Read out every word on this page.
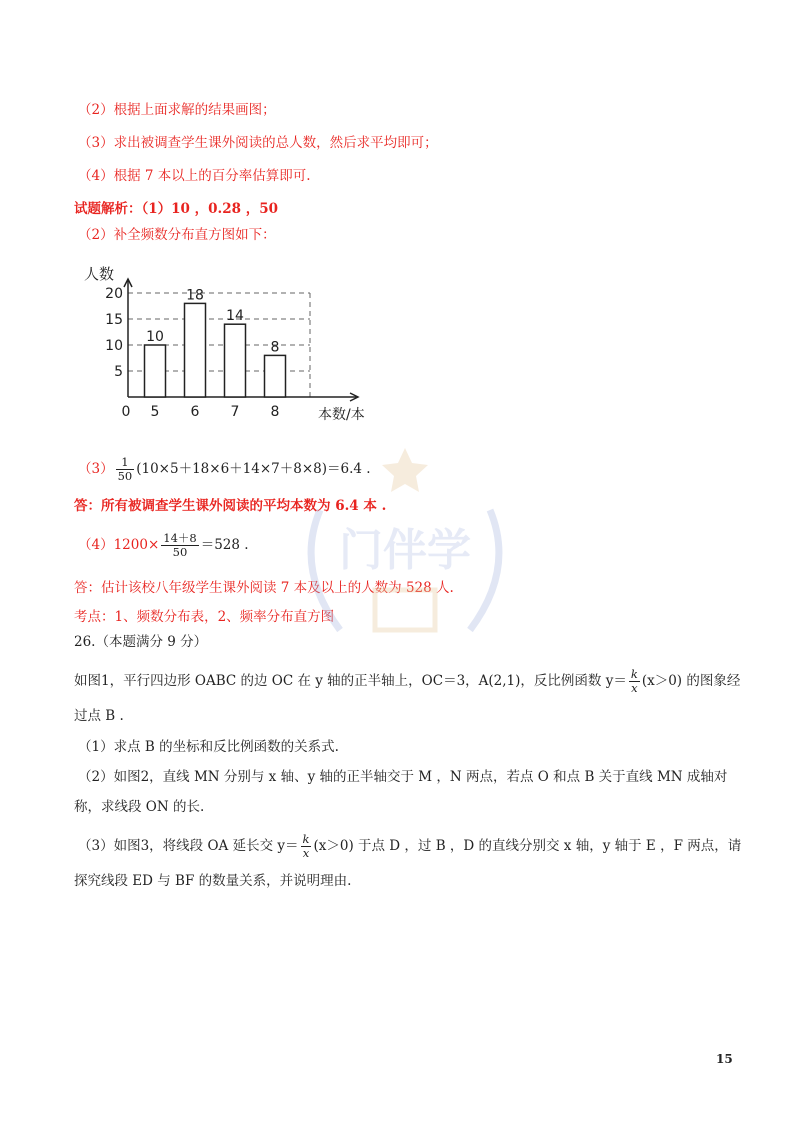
（2）根据上面求解的结果画图；
（3）求出被调查学生课外阅读的总人数，然后求平均即可；
（4）根据 7 本以上的百分率估算即可.
试题解析：（1）10 ，0.28 ，50
（2）补全频数分布直方图如下：
5
10
15
20
10
5
18
6
14
7
8
8
0
人数
本数/本
$(3) \frac{1}{50} (10\times 5+18\times 6+14\times 7+8\times 8)=6.4$ .
答：所有被调查学生课外阅读的平均本数为 6.4 本 .
$(4)1200\times \frac{14+8}{50} =528$ .
答：估计该校八年级学生课外阅读 7 本及以上的人数为 528 人.
考点：1、频数分布表，2、频率分布直方图
26.（本题满分 9 分）
如图1，平行四边形 OABC 的边 OC 在 y 轴的正半轴上，OC＝3，A(2,1)，反比例函数 $y= \frac{k}{x} (x>0)$ 的图象经
过点 B .
（1）求点 B 的坐标和反比例函数的关系式.
（2）如图2，直线 MN 分别与 x 轴、y 轴的正半轴交于 M ，N 两点，若点 O 和点 B 关于直线 MN 成轴对
称，求线段 ON 的长.
（3）如图3，将线段 OA 延长交 $y= \frac{k}{x} (x>0)$ 于点 D ，过 B ，D 的直线分别交 x 轴，y 轴于 E ，F 两点，请
探究线段 ED 与 BF 的数量关系，并说明理由.
门伴学
15
